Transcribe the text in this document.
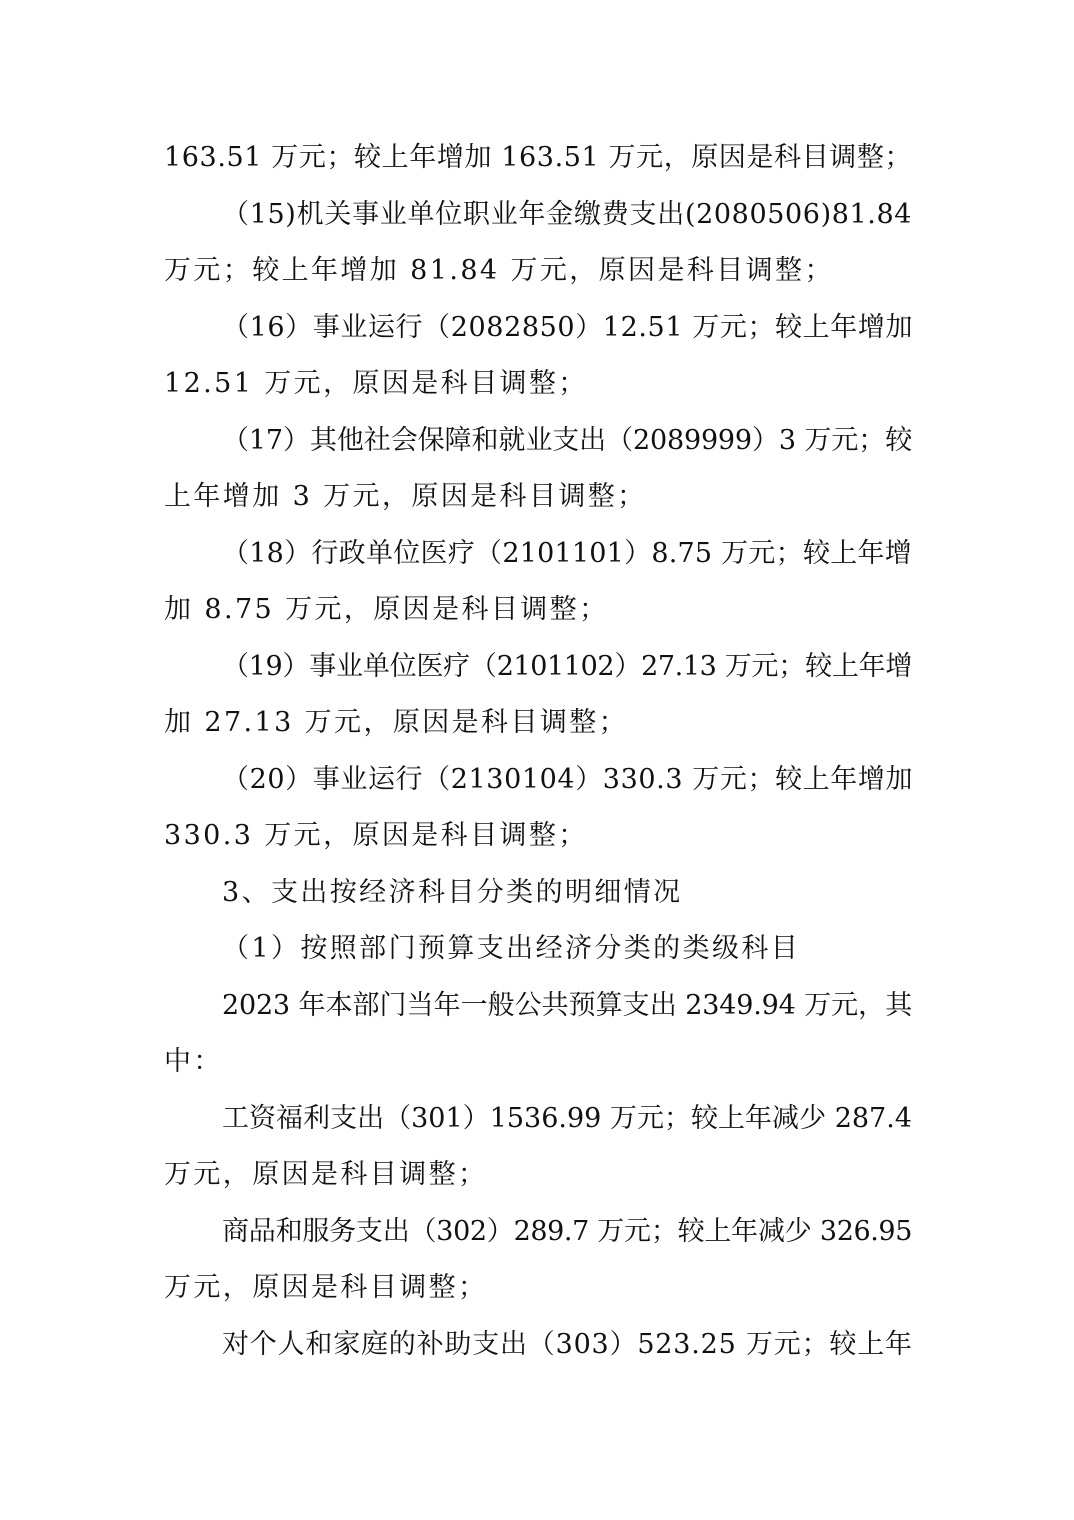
163.51 万元；较上年增加 163.51 万元，原因是科目调整；
（15)机关事业单位职业年金缴费支出(2080506)81.84
万元；较上年增加 81.84 万元，原因是科目调整；
（16）事业运行（2082850）12.51 万元；较上年增加
12.51 万元，原因是科目调整；
（17）其他社会保障和就业支出（2089999）3 万元；较
上年增加 3 万元，原因是科目调整；
（18）行政单位医疗（2101101）8.75 万元；较上年增
加 8.75 万元，原因是科目调整；
（19）事业单位医疗（2101102）27.13 万元；较上年增
加 27.13 万元，原因是科目调整；
（20）事业运行（2130104）330.3 万元；较上年增加
330.3 万元，原因是科目调整；
3、支出按经济科目分类的明细情况
（1）按照部门预算支出经济分类的类级科目
2023 年本部门当年一般公共预算支出 2349.94 万元，其
中：
工资福利支出（301）1536.99 万元；较上年减少 287.4
万元，原因是科目调整；
商品和服务支出（302）289.7 万元；较上年减少 326.95
万元，原因是科目调整；
对个人和家庭的补助支出（303）523.25 万元；较上年
